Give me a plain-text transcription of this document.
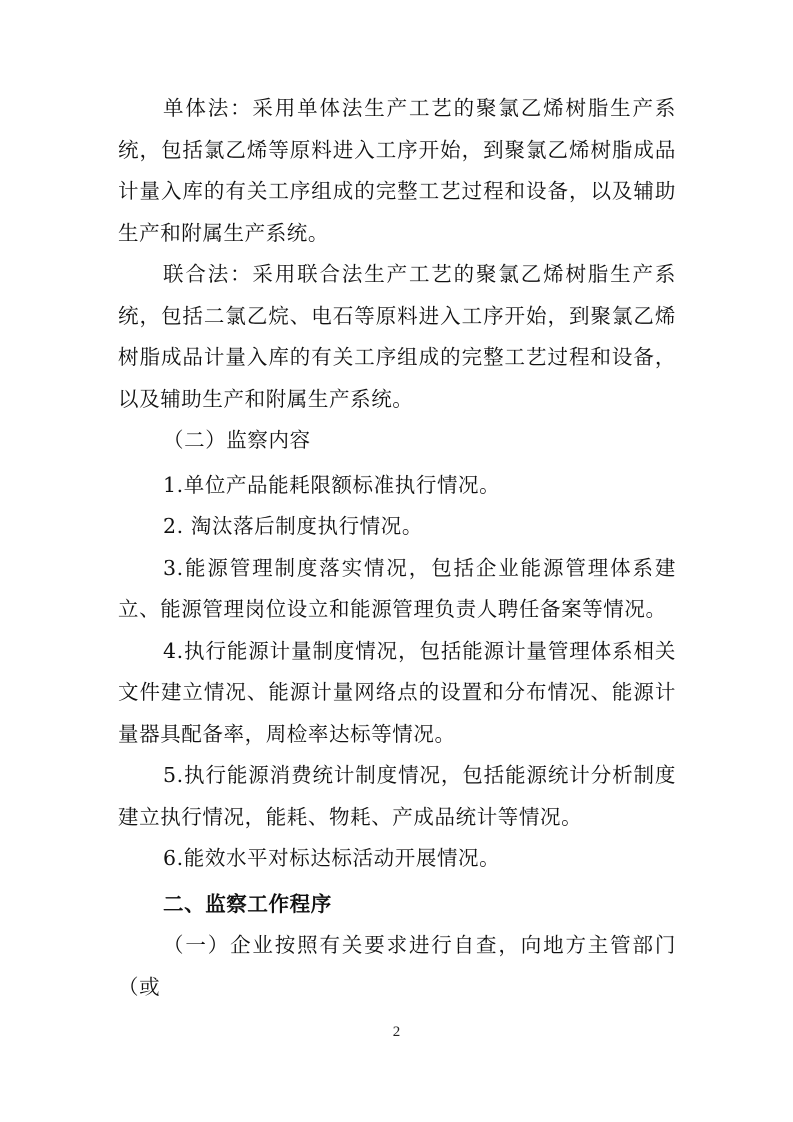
单体法：采用单体法生产工艺的聚氯乙烯树脂生产系统，包括氯乙烯等原料进入工序开始，到聚氯乙烯树脂成品计量入库的有关工序组成的完整工艺过程和设备，以及辅助生产和附属生产系统。

联合法：采用联合法生产工艺的聚氯乙烯树脂生产系统，包括二氯乙烷、电石等原料进入工序开始，到聚氯乙烯树脂成品计量入库的有关工序组成的完整工艺过程和设备，以及辅助生产和附属生产系统。

（二）监察内容

1.单位产品能耗限额标准执行情况。

2. 淘汰落后制度执行情况。

3.能源管理制度落实情况，包括企业能源管理体系建立、能源管理岗位设立和能源管理负责人聘任备案等情况。

4.执行能源计量制度情况，包括能源计量管理体系相关文件建立情况、能源计量网络点的设置和分布情况、能源计量器具配备率，周检率达标等情况。

5.执行能源消费统计制度情况，包括能源统计分析制度建立执行情况，能耗、物耗、产成品统计等情况。

6.能效水平对标达标活动开展情况。

二、监察工作程序

（一）企业按照有关要求进行自查，向地方主管部门（或

2
